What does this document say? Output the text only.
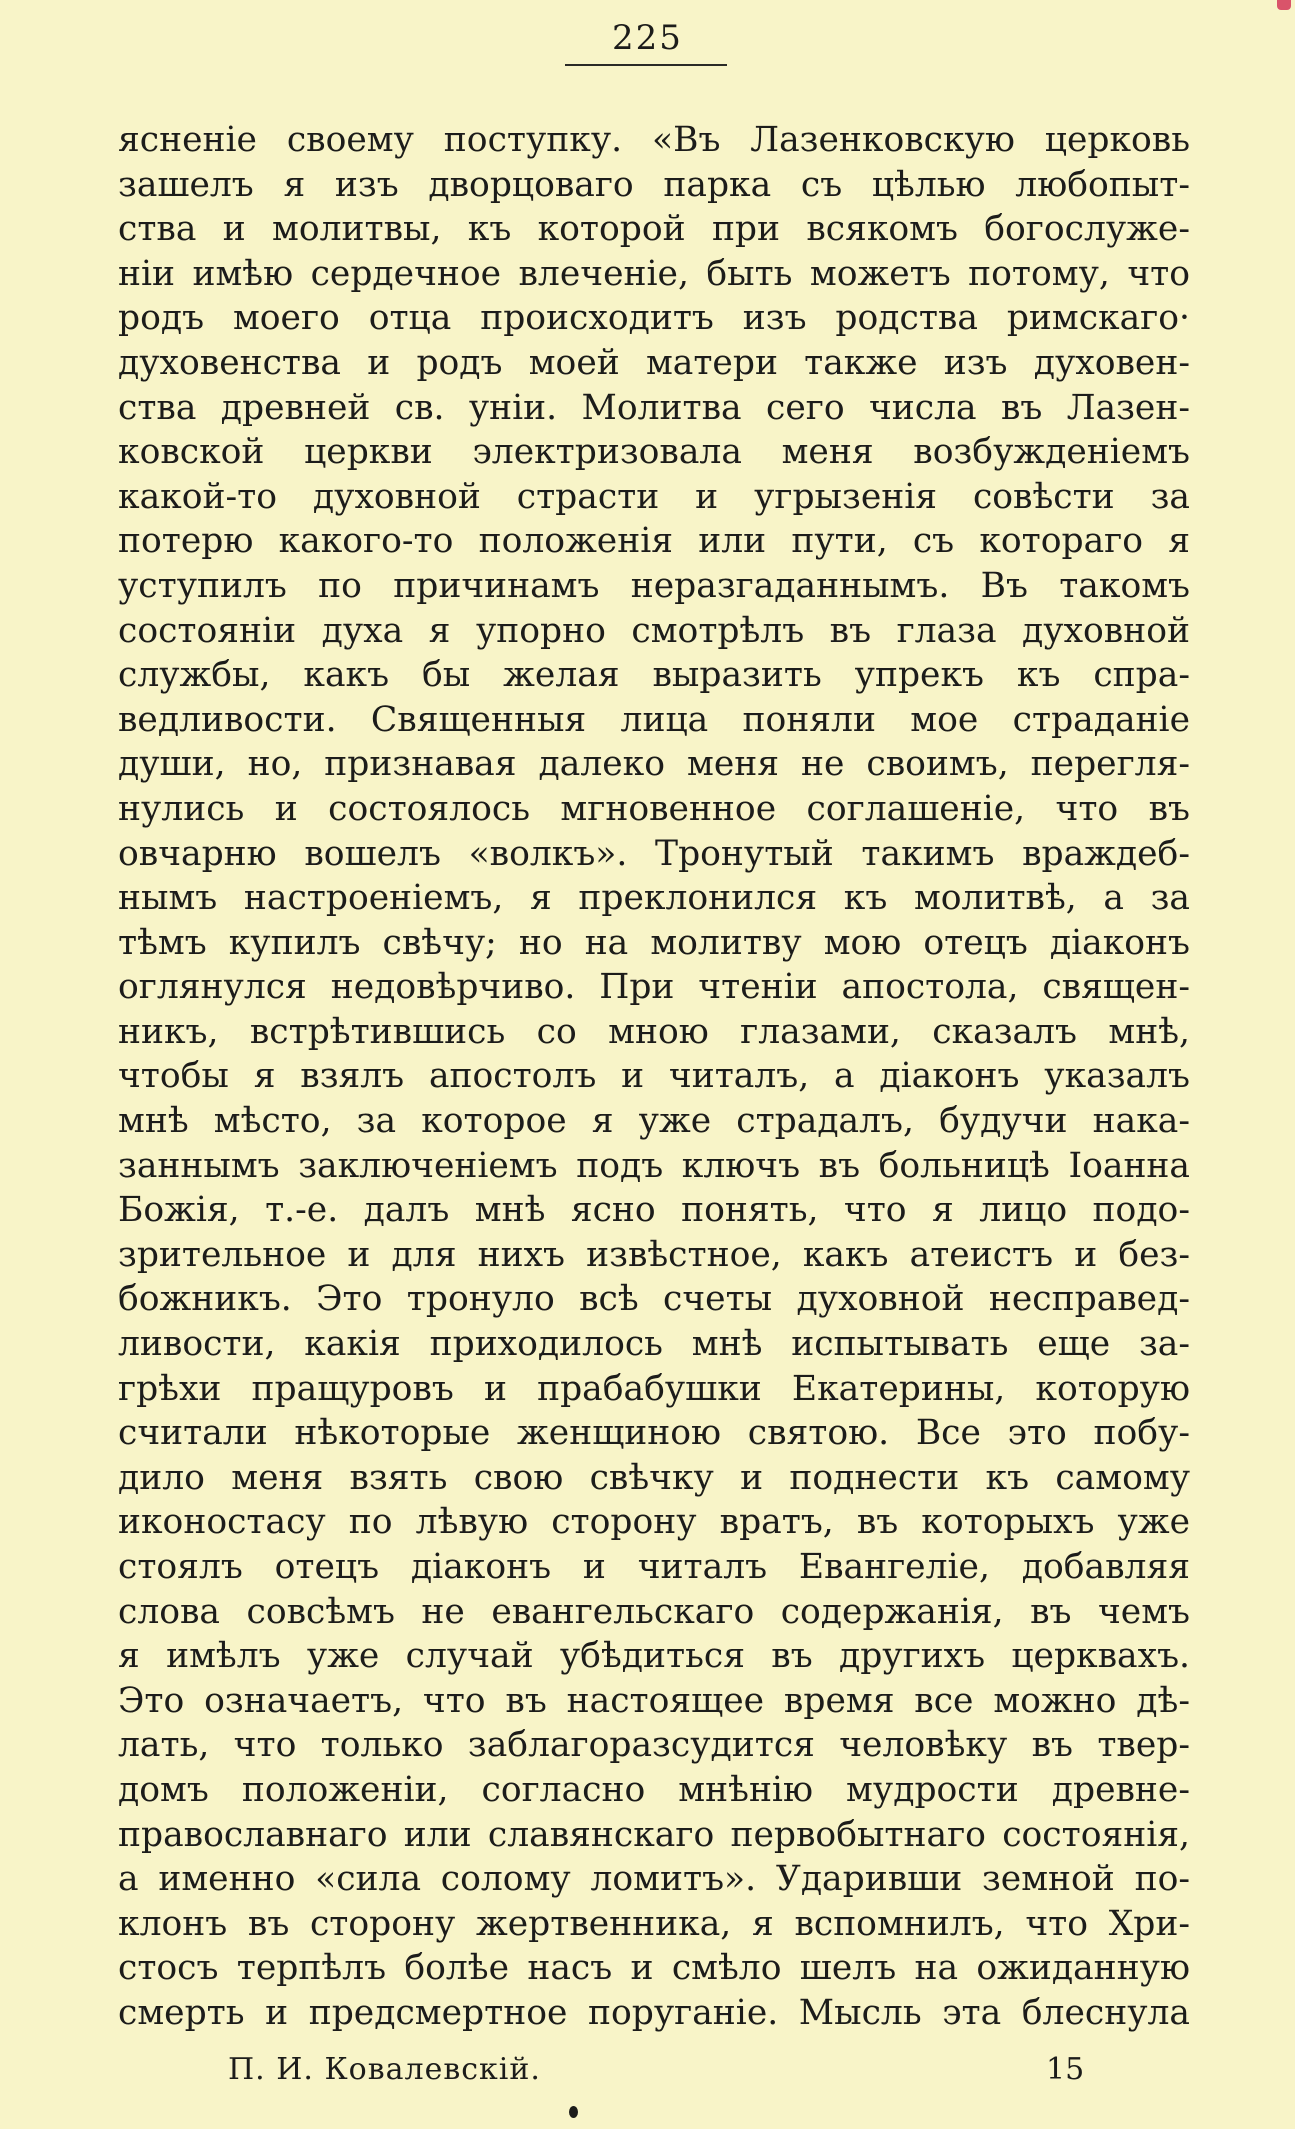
225
ясненіе своему поступку. «Въ Лазенковскую церковь
зашелъ я изъ дворцоваго парка съ цѣлью любопыт-
ства и молитвы, къ которой при всякомъ богослуже-
ніи имѣю сердечное влеченіе, быть можетъ потому, что
родъ моего отца происходитъ изъ родства римскаго·
духовенства и родъ моей матери также изъ духовен-
ства древней св. уніи. Молитва сего числа въ Лазен-
ковской церкви электризовала меня возбужденіемъ
какой-то духовной страсти и угрызенія совѣсти за
потерю какого-то положенія или пути, съ котораго я
уступилъ по причинамъ неразгаданнымъ. Въ такомъ
состояніи духа я упорно смотрѣлъ въ глаза духовной
службы, какъ бы желая выразить упрекъ къ спра-
ведливости. Священныя лица поняли мое страданіе
души, но, признавая далеко меня не своимъ, перегля-
нулись и состоялось мгновенное соглашеніе, что въ
овчарню вошелъ «волкъ». Тронутый такимъ враждеб-
нымъ настроеніемъ, я преклонился къ молитвѣ, а за
тѣмъ купилъ свѣчу; но на молитву мою отецъ діаконъ
оглянулся недовѣрчиво. При чтеніи апостола, священ-
никъ, встрѣтившись со мною глазами, сказалъ мнѣ,
чтобы я взялъ апостолъ и читалъ, а діаконъ указалъ
мнѣ мѣсто, за которое я уже страдалъ, будучи нака-
заннымъ заключеніемъ подъ ключъ въ больницѣ Іоанна
Божія, т.-е. далъ мнѣ ясно понять, что я лицо подо-
зрительное и для нихъ извѣстное, какъ атеистъ и без-
божникъ. Это тронуло всѣ счеты духовной несправед-
ливости, какія приходилось мнѣ испытывать еще за-
грѣхи пращуровъ и прабабушки Екатерины, которую
считали нѣкоторые женщиною святою. Все это побу-
дило меня взять свою свѣчку и поднести къ самому
иконостасу по лѣвую сторону вратъ, въ которыхъ уже
стоялъ отецъ діаконъ и читалъ Евангеліе, добавляя
слова совсѣмъ не евангельскаго содержанія, въ чемъ
я имѣлъ уже случай убѣдиться въ другихъ церквахъ.
Это означаетъ, что въ настоящее время все можно дѣ-
лать, что только заблагоразсудится человѣку въ твер-
домъ положеніи, согласно мнѣнію мудрости древне-
православнаго или славянскаго первобытнаго состоянія,
а именно «сила солому ломитъ». Ударивши земной по-
клонъ въ сторону жертвенника, я вспомнилъ, что Хри-
стосъ терпѣлъ болѣе насъ и смѣло шелъ на ожиданную
смерть и предсмертное поруганіе. Мысль эта блеснула
П. И. Ковалевскій.	15
